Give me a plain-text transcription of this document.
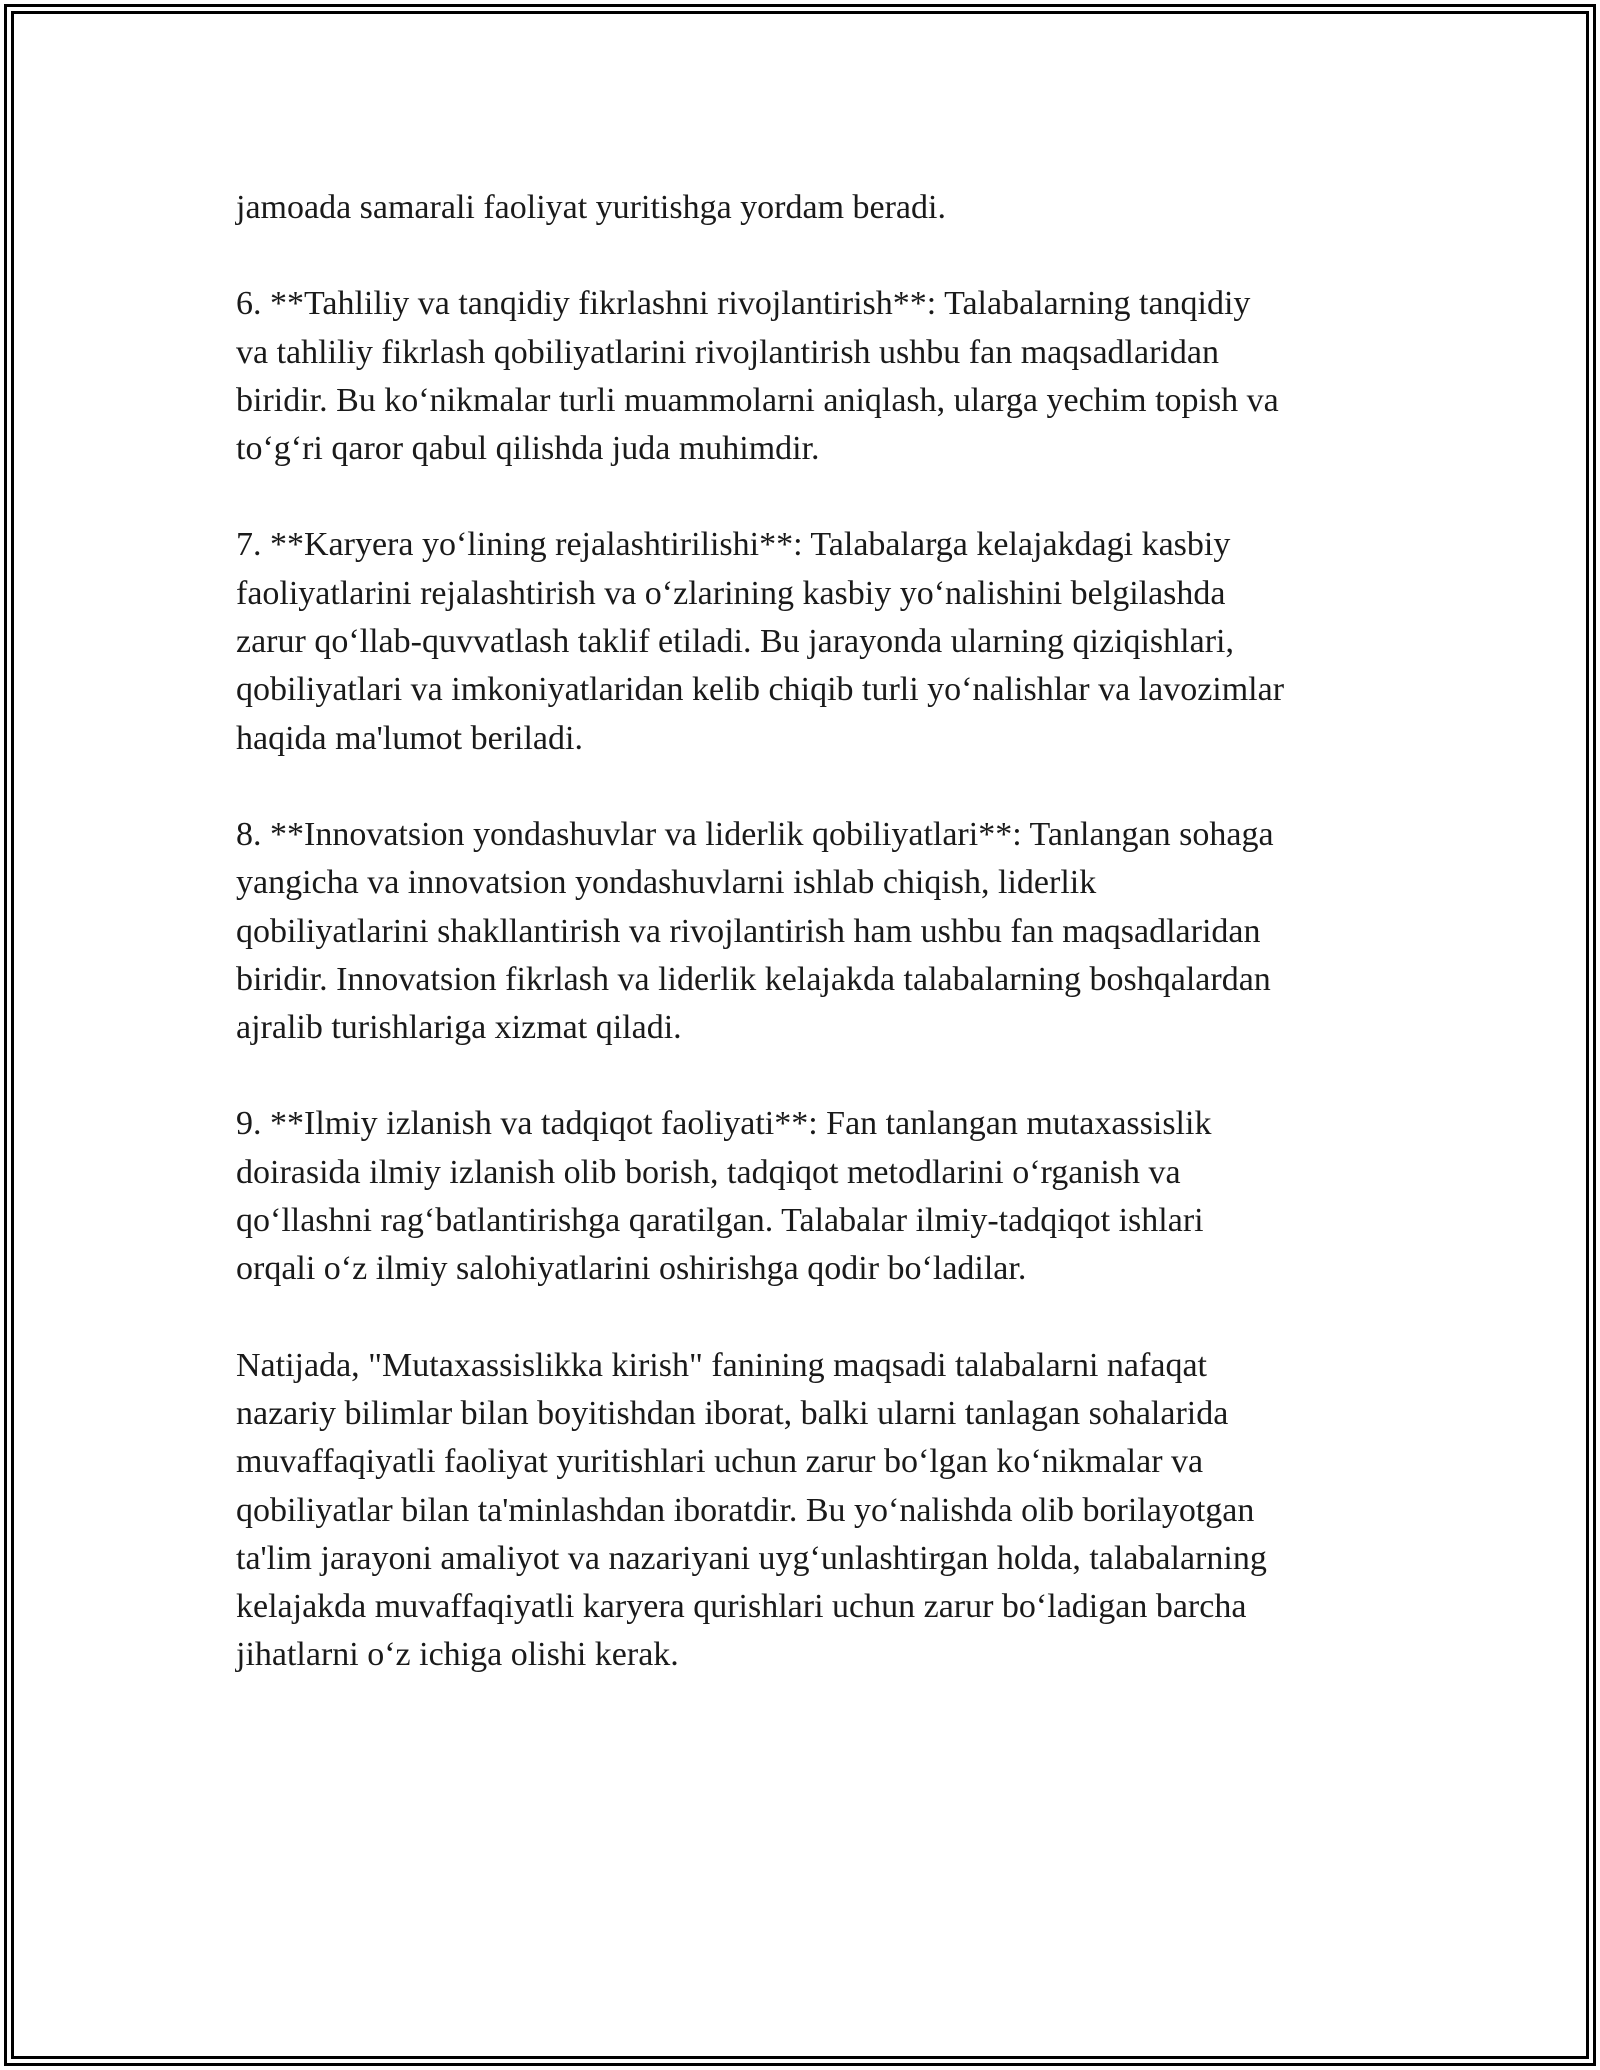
jamoada samarali faoliyat yuritishga yordam beradi.

6. **Tahliliy va tanqidiy fikrlashni rivojlantirish**: Talabalarning tanqidiy
va tahliliy fikrlash qobiliyatlarini rivojlantirish ushbu fan maqsadlaridan
biridir. Bu ko‘nikmalar turli muammolarni aniqlash, ularga yechim topish va
to‘g‘ri qaror qabul qilishda juda muhimdir.

7. **Karyera yo‘lining rejalashtirilishi**: Talabalarga kelajakdagi kasbiy
faoliyatlarini rejalashtirish va o‘zlarining kasbiy yo‘nalishini belgilashda
zarur qo‘llab-quvvatlash taklif etiladi. Bu jarayonda ularning qiziqishlari,
qobiliyatlari va imkoniyatlaridan kelib chiqib turli yo‘nalishlar va lavozimlar
haqida ma'lumot beriladi.

8. **Innovatsion yondashuvlar va liderlik qobiliyatlari**: Tanlangan sohaga
yangicha va innovatsion yondashuvlarni ishlab chiqish, liderlik
qobiliyatlarini shakllantirish va rivojlantirish ham ushbu fan maqsadlaridan
biridir. Innovatsion fikrlash va liderlik kelajakda talabalarning boshqalardan
ajralib turishlariga xizmat qiladi.

9. **Ilmiy izlanish va tadqiqot faoliyati**: Fan tanlangan mutaxassislik
doirasida ilmiy izlanish olib borish, tadqiqot metodlarini o‘rganish va
qo‘llashni rag‘batlantirishga qaratilgan. Talabalar ilmiy-tadqiqot ishlari
orqali o‘z ilmiy salohiyatlarini oshirishga qodir bo‘ladilar.

Natijada, "Mutaxassislikka kirish" fanining maqsadi talabalarni nafaqat
nazariy bilimlar bilan boyitishdan iborat, balki ularni tanlagan sohalarida
muvaffaqiyatli faoliyat yuritishlari uchun zarur bo‘lgan ko‘nikmalar va
qobiliyatlar bilan ta'minlashdan iboratdir. Bu yo‘nalishda olib borilayotgan
ta'lim jarayoni amaliyot va nazariyani uyg‘unlashtirgan holda, talabalarning
kelajakda muvaffaqiyatli karyera qurishlari uchun zarur bo‘ladigan barcha
jihatlarni o‘z ichiga olishi kerak.
